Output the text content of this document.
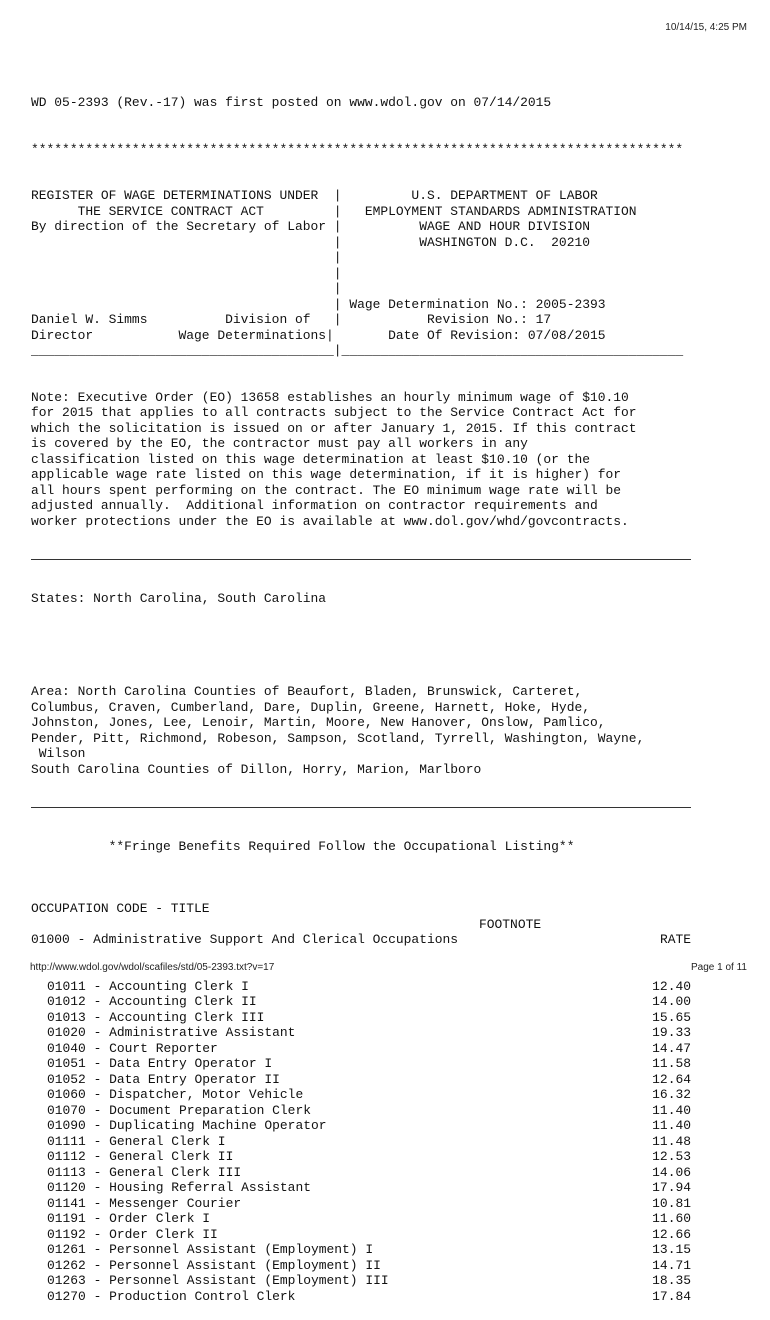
10/14/15, 4:25 PM

WD 05-2393 (Rev.-17) was first posted on www.wdol.gov on 07/14/2015

************************************************************************************

REGISTER OF WAGE DETERMINATIONS UNDER  |         U.S. DEPARTMENT OF LABOR
THE SERVICE CONTRACT ACT         |   EMPLOYMENT STANDARDS ADMINISTRATION
By direction of the Secretary of Labor |          WAGE AND HOUR DIVISION
|          WASHINGTON D.C.  20210
|
|
|
| Wage Determination No.: 2005-2393
Daniel W. Simms          Division of   |           Revision No.: 17
Director           Wage Determinations|       Date Of Revision: 07/08/2015
_______________________________________|____________________________________________

Note: Executive Order (EO) 13658 establishes an hourly minimum wage of $10.10
for 2015 that applies to all contracts subject to the Service Contract Act for
which the solicitation is issued on or after January 1, 2015. If this contract
is covered by the EO, the contractor must pay all workers in any
classification listed on this wage determination at least $10.10 (or the
applicable wage rate listed on this wage determination, if it is higher) for
all hours spent performing on the contract. The EO minimum wage rate will be
adjusted annually.  Additional information on contractor requirements and
worker protections under the EO is available at www.dol.gov/whd/govcontracts.

States: North Carolina, South Carolina

Area: North Carolina Counties of Beaufort, Bladen, Brunswick, Carteret,
Columbus, Craven, Cumberland, Dare, Duplin, Greene, Harnett, Hoke, Hyde,
Johnston, Jones, Lee, Lenoir, Martin, Moore, New Hanover, Onslow, Pamlico,
Pender, Pitt, Richmond, Robeson, Sampson, Scotland, Tyrrell, Washington, Wayne,
Wilson
South Carolina Counties of Dillon, Horry, Marion, Marlboro

**Fringe Benefits Required Follow the Occupational Listing**

OCCUPATION CODE - TITLE

FOOTNOTE

RATE

01000 - Administrative Support And Clerical Occupations

01011 - Accounting Clerk I	12.40
01012 - Accounting Clerk II	14.00
01013 - Accounting Clerk III	15.65
01020 - Administrative Assistant	19.33
01040 - Court Reporter	14.47
01051 - Data Entry Operator I	11.58
01052 - Data Entry Operator II	12.64
01060 - Dispatcher, Motor Vehicle	16.32
01070 - Document Preparation Clerk	11.40
01090 - Duplicating Machine Operator	11.40
01111 - General Clerk I	11.48
01112 - General Clerk II	12.53
01113 - General Clerk III	14.06
01120 - Housing Referral Assistant	17.94
01141 - Messenger Courier	10.81
01191 - Order Clerk I	11.60
01192 - Order Clerk II	12.66
01261 - Personnel Assistant (Employment) I	13.15
01262 - Personnel Assistant (Employment) II	14.71
01263 - Personnel Assistant (Employment) III	18.35
01270 - Production Control Clerk	17.84

http://www.wdol.gov/wdol/scafiles/std/05-2393.txt?v=17	Page 1 of 11
